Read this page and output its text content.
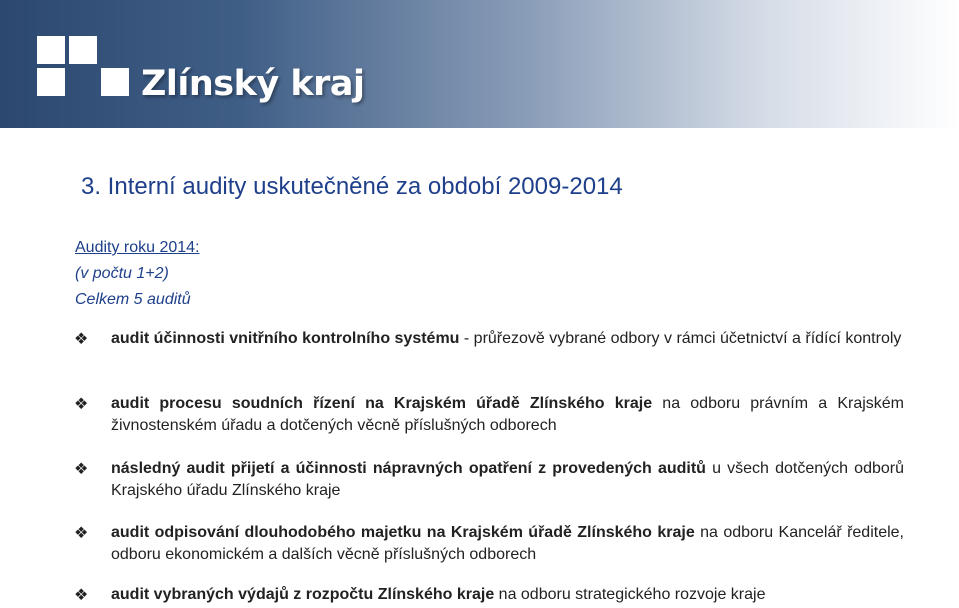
Zlínský kraj
3. Interní audity uskutečněné za období 2009-2014
Audity roku 2014:
(v počtu 1+2)
Celkem 5 auditů
❖	audit účinnosti vnitřního kontrolního systému - průřezově vybrané odbory v rámci účetnictví a řídící kontroly
❖	audit procesu soudních řízení na Krajském úřadě Zlínského kraje na odboru právním a Krajském živnostenském úřadu a dotčených věcně příslušných odborech
❖	následný audit přijetí a účinnosti nápravných opatření z provedených auditů u všech dotčených odborů Krajského úřadu Zlínského kraje
❖	audit odpisování dlouhodobého majetku na Krajském úřadě Zlínského kraje na odboru Kancelář ředitele, odboru ekonomickém a dalších věcně příslušných odborech
❖	audit vybraných výdajů z rozpočtu Zlínského kraje na odboru strategického rozvoje kraje
